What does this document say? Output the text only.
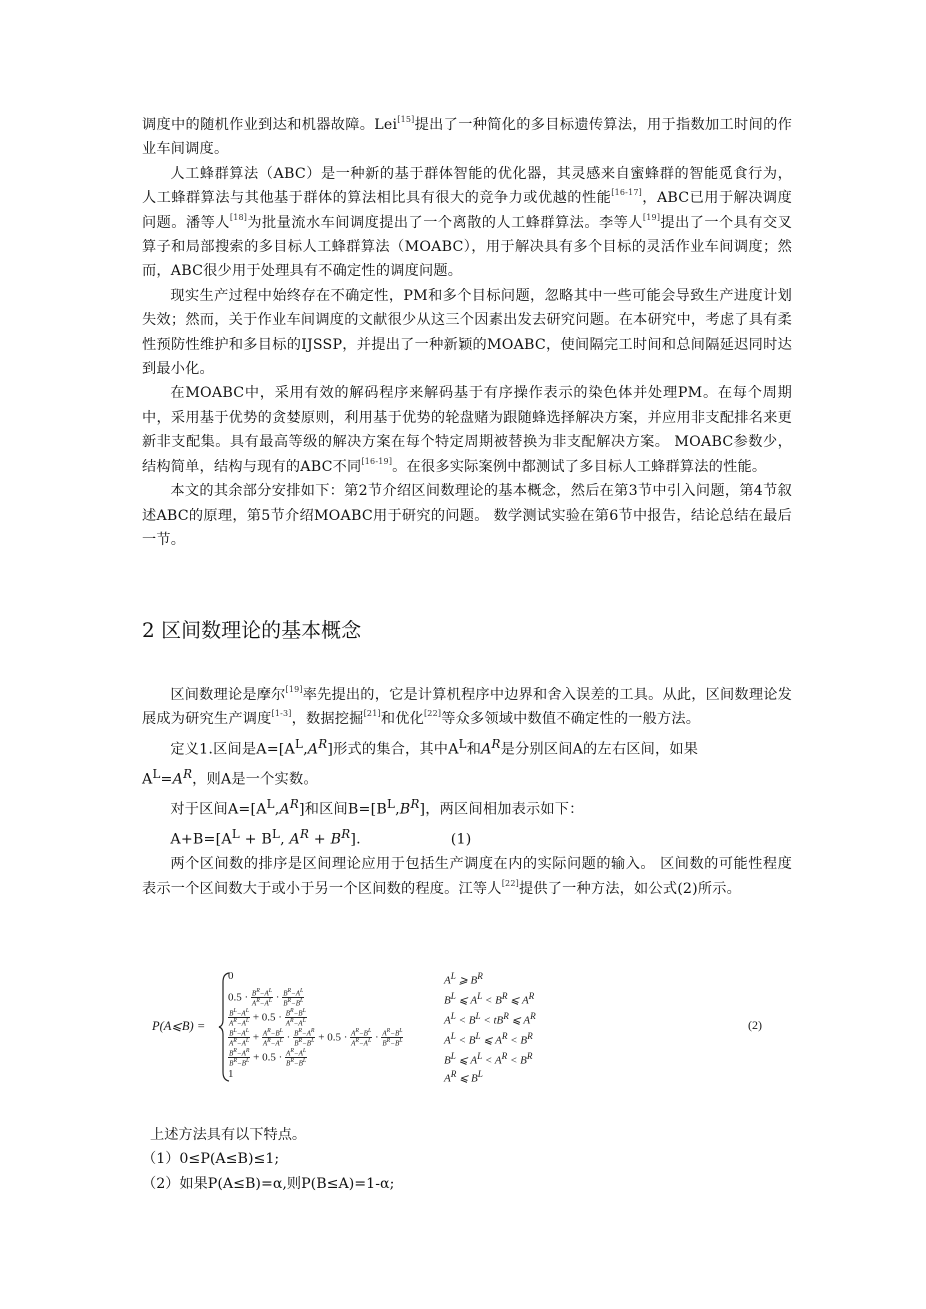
调度中的随机作业到达和机器故障。Lei[15]提出了一种简化的多目标遗传算法，用于指数加工时间的作业车间调度。

人工蜂群算法（ABC）是一种新的基于群体智能的优化器，其灵感来自蜜蜂群的智能觅食行为，人工蜂群算法与其他基于群体的算法相比具有很大的竞争力或优越的性能[16-17]，ABC已用于解决调度问题。潘等人[18]为批量流水车间调度提出了一个离散的人工蜂群算法。李等人[19]提出了一个具有交叉算子和局部搜索的多目标人工蜂群算法（MOABC），用于解决具有多个目标的灵活作业车间调度；然而，ABC很少用于处理具有不确定性的调度问题。

现实生产过程中始终存在不确定性，PM和多个目标问题，忽略其中一些可能会导致生产进度计划失效；然而，关于作业车间调度的文献很少从这三个因素出发去研究问题。在本研究中，考虑了具有柔性预防性维护和多目标的IJSSP，并提出了一种新颖的MOABC，使间隔完工时间和总间隔延迟同时达到最小化。

在MOABC中，采用有效的解码程序来解码基于有序操作表示的染色体并处理PM。在每个周期中，采用基于优势的贪婪原则，利用基于优势的轮盘赌为跟随蜂选择解决方案，并应用非支配排名来更新非支配集。具有最高等级的解决方案在每个特定周期被替换为非支配解决方案。 MOABC参数少，结构简单，结构与现有的ABC不同[16-19]。在很多实际案例中都测试了多目标人工蜂群算法的性能。

本文的其余部分安排如下：第2节介绍区间数理论的基本概念，然后在第3节中引入问题，第4节叙述ABC的原理，第5节介绍MOABC用于研究的问题。 数学测试实验在第6节中报告，结论总结在最后一节。

2 区间数理论的基本概念

区间数理论是摩尔[19]率先提出的，它是计算机程序中边界和舍入误差的工具。从此，区间数理论发展成为研究生产调度[1-3]，数据挖掘[21]和优化[22]等众多领域中数值不确定性的一般方法。

定义1.区间是$A=[A^L,A^R]$形式的集合，其中$A^L$和$A^R$是分别区间A的左右区间，如果
$A^L=A^R$，则A是一个实数。

对于区间$A=[A^L,A^R]$和区间$B=[B^L,B^R]$，两区间相加表示如下：

$A+B=[A^L + B^L$, $A^R + B^R$].	(1)

两个区间数的排序是区间理论应用于包括生产调度在内的实际问题的输入。 区间数的可能性程度表示一个区间数大于或小于另一个区间数的程度。江等人[22]提供了一种方法，如公式(2)所示。

P(A⩽B) =
0
$0.5 \cdot \frac{B^R-A^L}{A^R-A^L} \cdot \frac{B^R-A^L}{B^R-B^L}$
$\frac{B^L-A^L}{A^R-A^L} + 0.5 \cdot \frac{B^R-B^L}{A^R-A^L}$
$\frac{B^L-A^L}{A^R-A^L} + \frac{A^R-B^L}{A^R-A^L} \cdot \frac{B^R-A^R}{B^R-B^L} + 0.5 \cdot \frac{A^R-B^L}{A^R-A^L} \cdot \frac{A^R-B^L}{B^R-B^L}$
$\frac{B^R-A^R}{B^R-B^L} + 0.5 \cdot \frac{A^R-A^L}{B^R-B^L}$
1
$A^L$ ⩾ $B^R$
$B^L$ ⩽ $A^L < B^R$ ⩽ $A^R$
$A^L < B^L < tB^R$ ⩽ $A^R$
$A^L < B^L$ ⩽ $A^R < B^R$
$B^L$ ⩽ $A^L < A^R < B^R$
$A^R$ ⩽ $B^L$
(2)

上述方法具有以下特点。

（1）0≤P(A≤B)≤1;

（2）如果P(A≤B)=α,则P(B≤A)=1-α;
